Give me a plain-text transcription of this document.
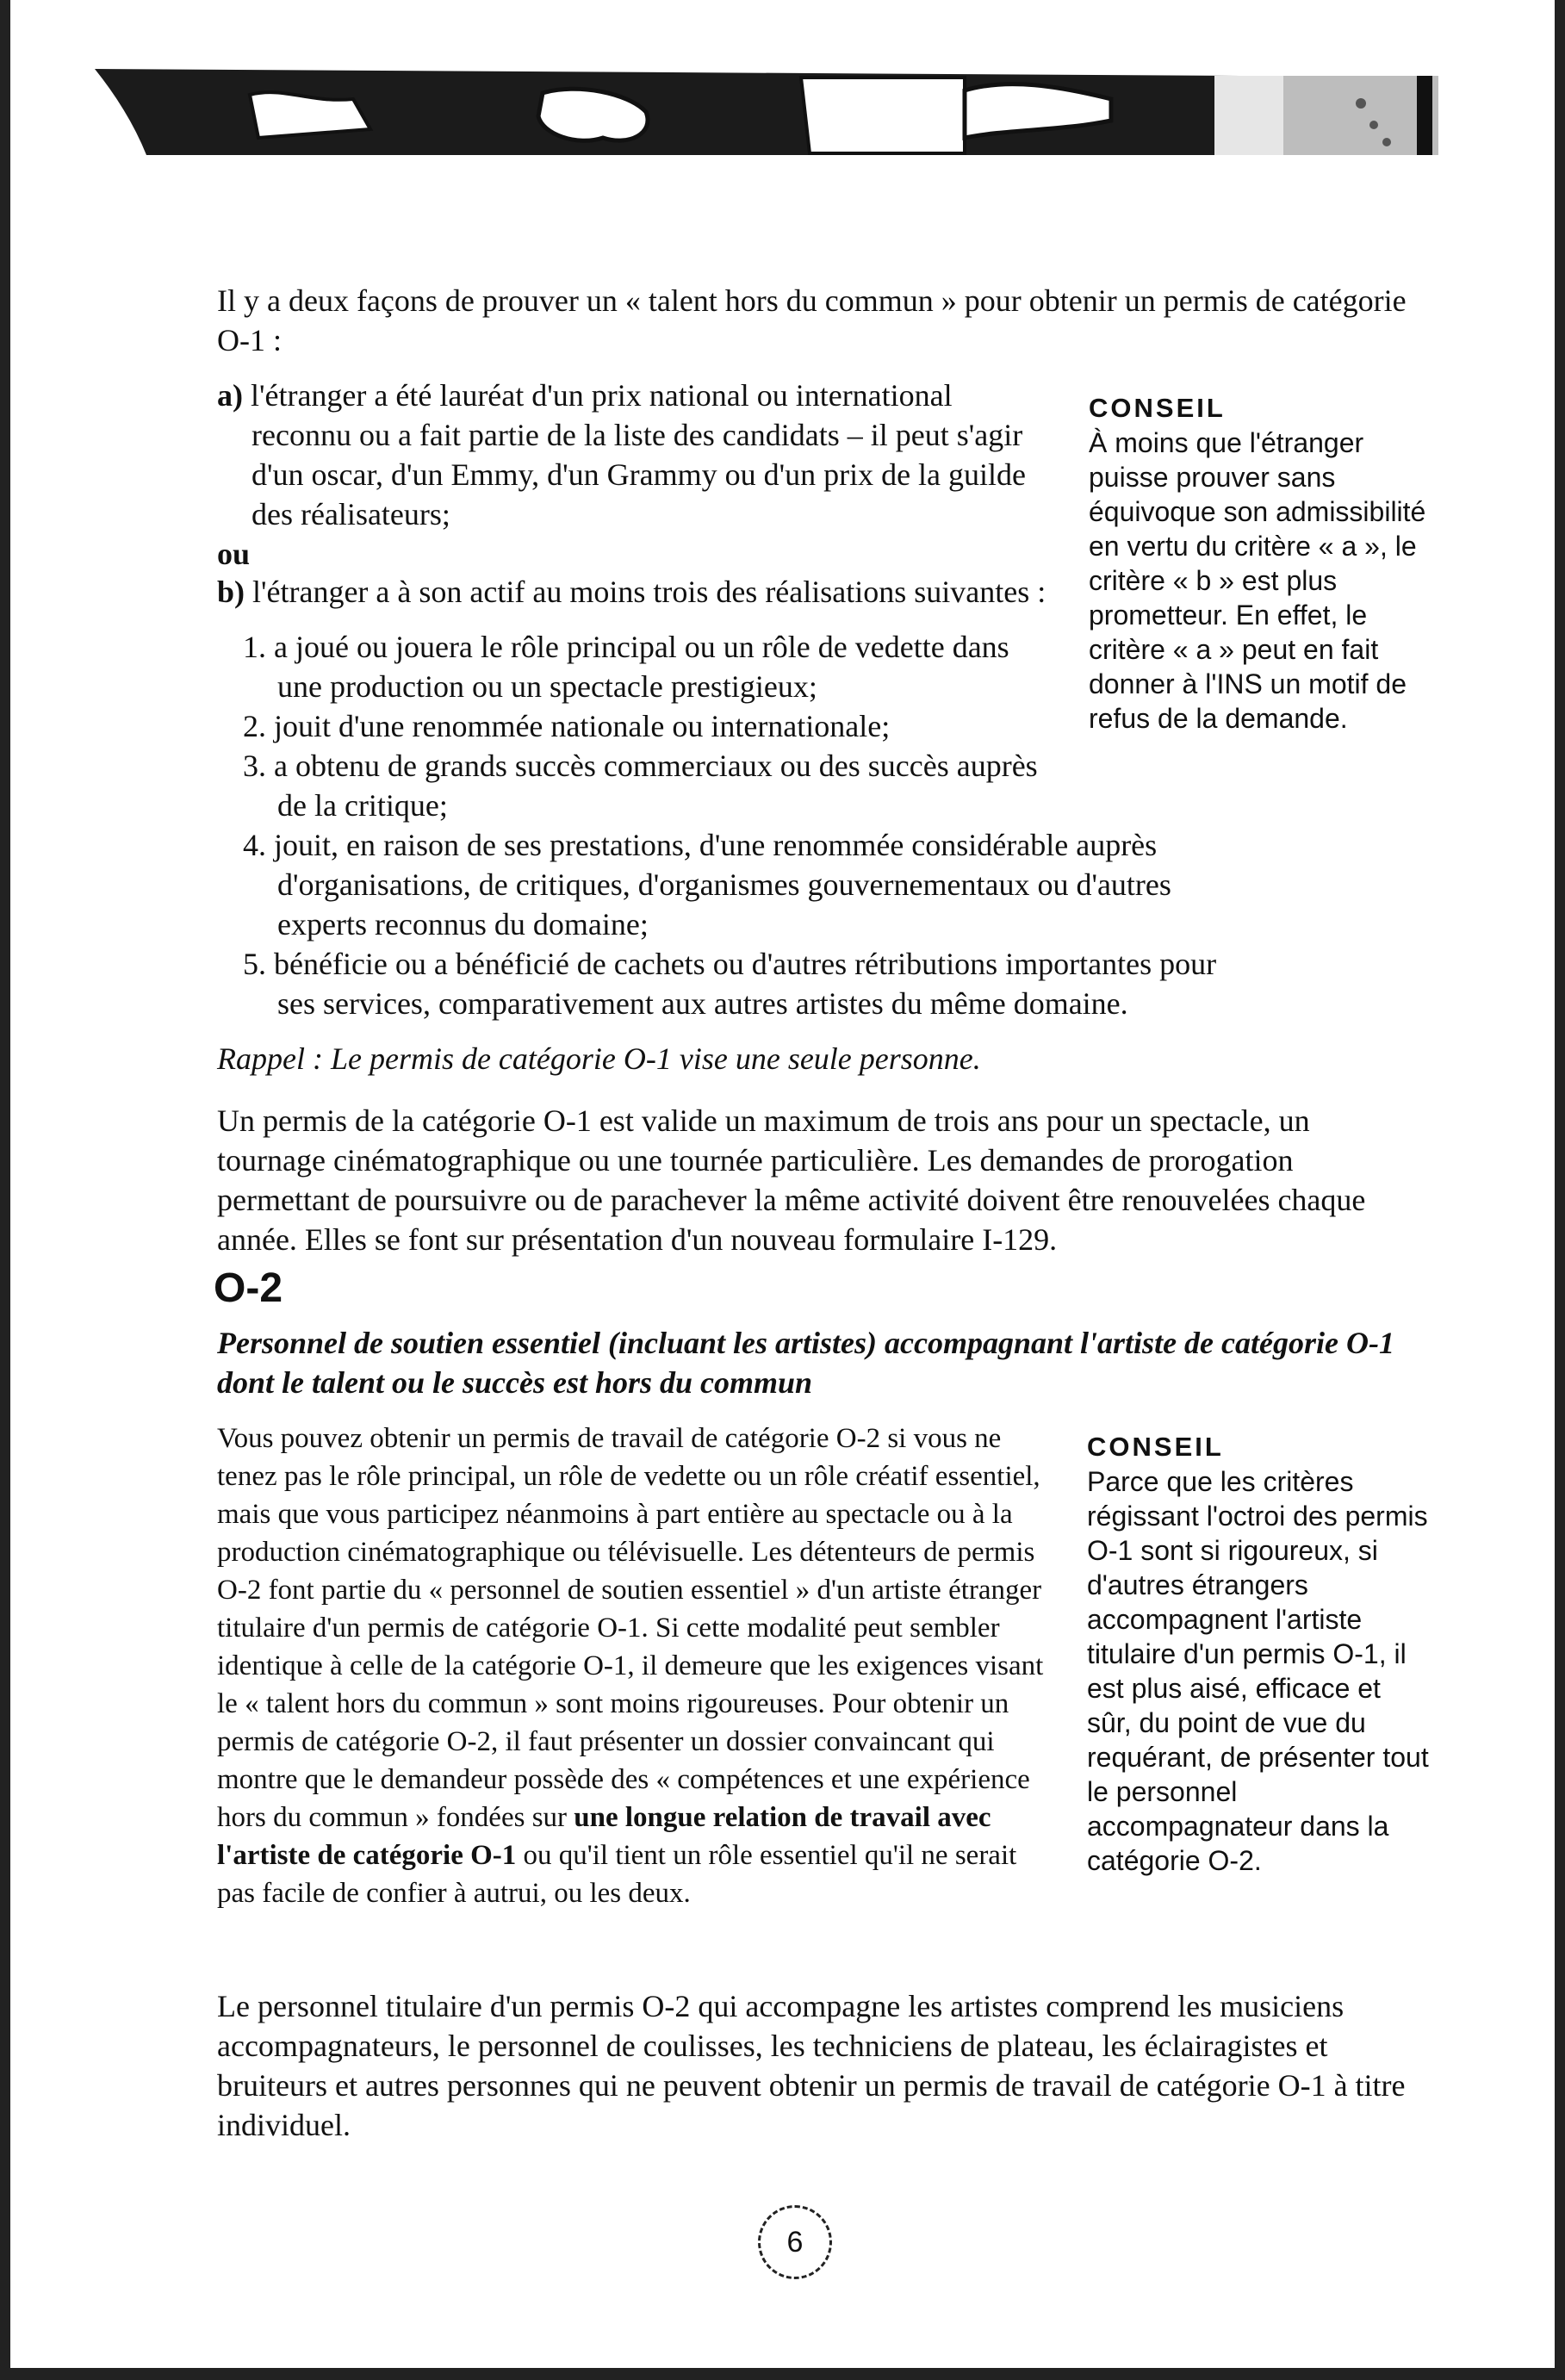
Il y a deux façons de prouver un « talent hors du commun » pour obtenir un permis de catégorie O-1 :
a) l'étranger a été lauréat d'un prix national ou international reconnu ou a fait partie de la liste des candidats – il peut s'agir d'un oscar, d'un Emmy, d'un Grammy ou d'un prix de la guilde des réalisateurs;
ou
b) l'étranger a à son actif au moins trois des réalisations suivantes :
1. a joué ou jouera le rôle principal ou un rôle de vedette dans une production ou un spectacle prestigieux;
2. jouit d'une renommée nationale ou internationale;
3. a obtenu de grands succès commerciaux ou des succès auprès de la critique;
4. jouit, en raison de ses prestations, d'une renommée considérable auprès d'organisations, de critiques, d'organismes gouvernementaux ou d'autres experts reconnus du domaine;
5. bénéficie ou a bénéficié de cachets ou d'autres rétributions importantes pour ses services, comparativement aux autres artistes du même domaine.
Rappel : Le permis de catégorie O-1 vise une seule personne.
Un permis de la catégorie O-1 est valide un maximum de trois ans pour un spectacle, un tournage cinématographique ou une tournée particulière. Les demandes de prorogation permettant de poursuivre ou de parachever la même activité doivent être renouvelées chaque année. Elles se font sur présentation d'un nouveau formulaire I-129.
O-2
Personnel de soutien essentiel (incluant les artistes) accompagnant l'artiste de catégorie O-1 dont le talent ou le succès est hors du commun
Vous pouvez obtenir un permis de travail de catégorie O-2 si vous ne tenez pas le rôle principal, un rôle de vedette ou un rôle créatif essentiel, mais que vous participez néanmoins à part entière au spectacle ou à la production cinématographique ou télévisuelle. Les détenteurs de permis O-2 font partie du « personnel de soutien essentiel » d'un artiste étranger titulaire d'un permis de catégorie O-1. Si cette modalité peut sembler identique à celle de la catégorie O-1, il demeure que les exigences visant le « talent hors du commun » sont moins rigoureuses. Pour obtenir un permis de catégorie O-2, il faut présenter un dossier convaincant qui montre que le demandeur possède des « compétences et une expérience hors du commun » fondées sur une longue relation de travail avec l'artiste de catégorie O-1 ou qu'il tient un rôle essentiel qu'il ne serait pas facile de confier à autrui, ou les deux.
Le personnel titulaire d'un permis O-2 qui accompagne les artistes comprend les musiciens accompagnateurs, le personnel de coulisses, les techniciens de plateau, les éclairagistes et bruiteurs et autres personnes qui ne peuvent obtenir un permis de travail de catégorie O-1 à titre individuel.
CONSEIL
À moins que l'étranger puisse prouver sans équivoque son admissibilité en vertu du critère « a », le critère « b » est plus prometteur. En effet, le critère « a » peut en fait donner à l'INS un motif de refus de la demande.
CONSEIL
Parce que les critères régissant l'octroi des permis O-1 sont si rigoureux, si d'autres étrangers accompagnent l'artiste titulaire d'un permis O-1, il est plus aisé, efficace et sûr, du point de vue du requérant, de présenter tout le personnel accompagnateur dans la catégorie O-2.
6
